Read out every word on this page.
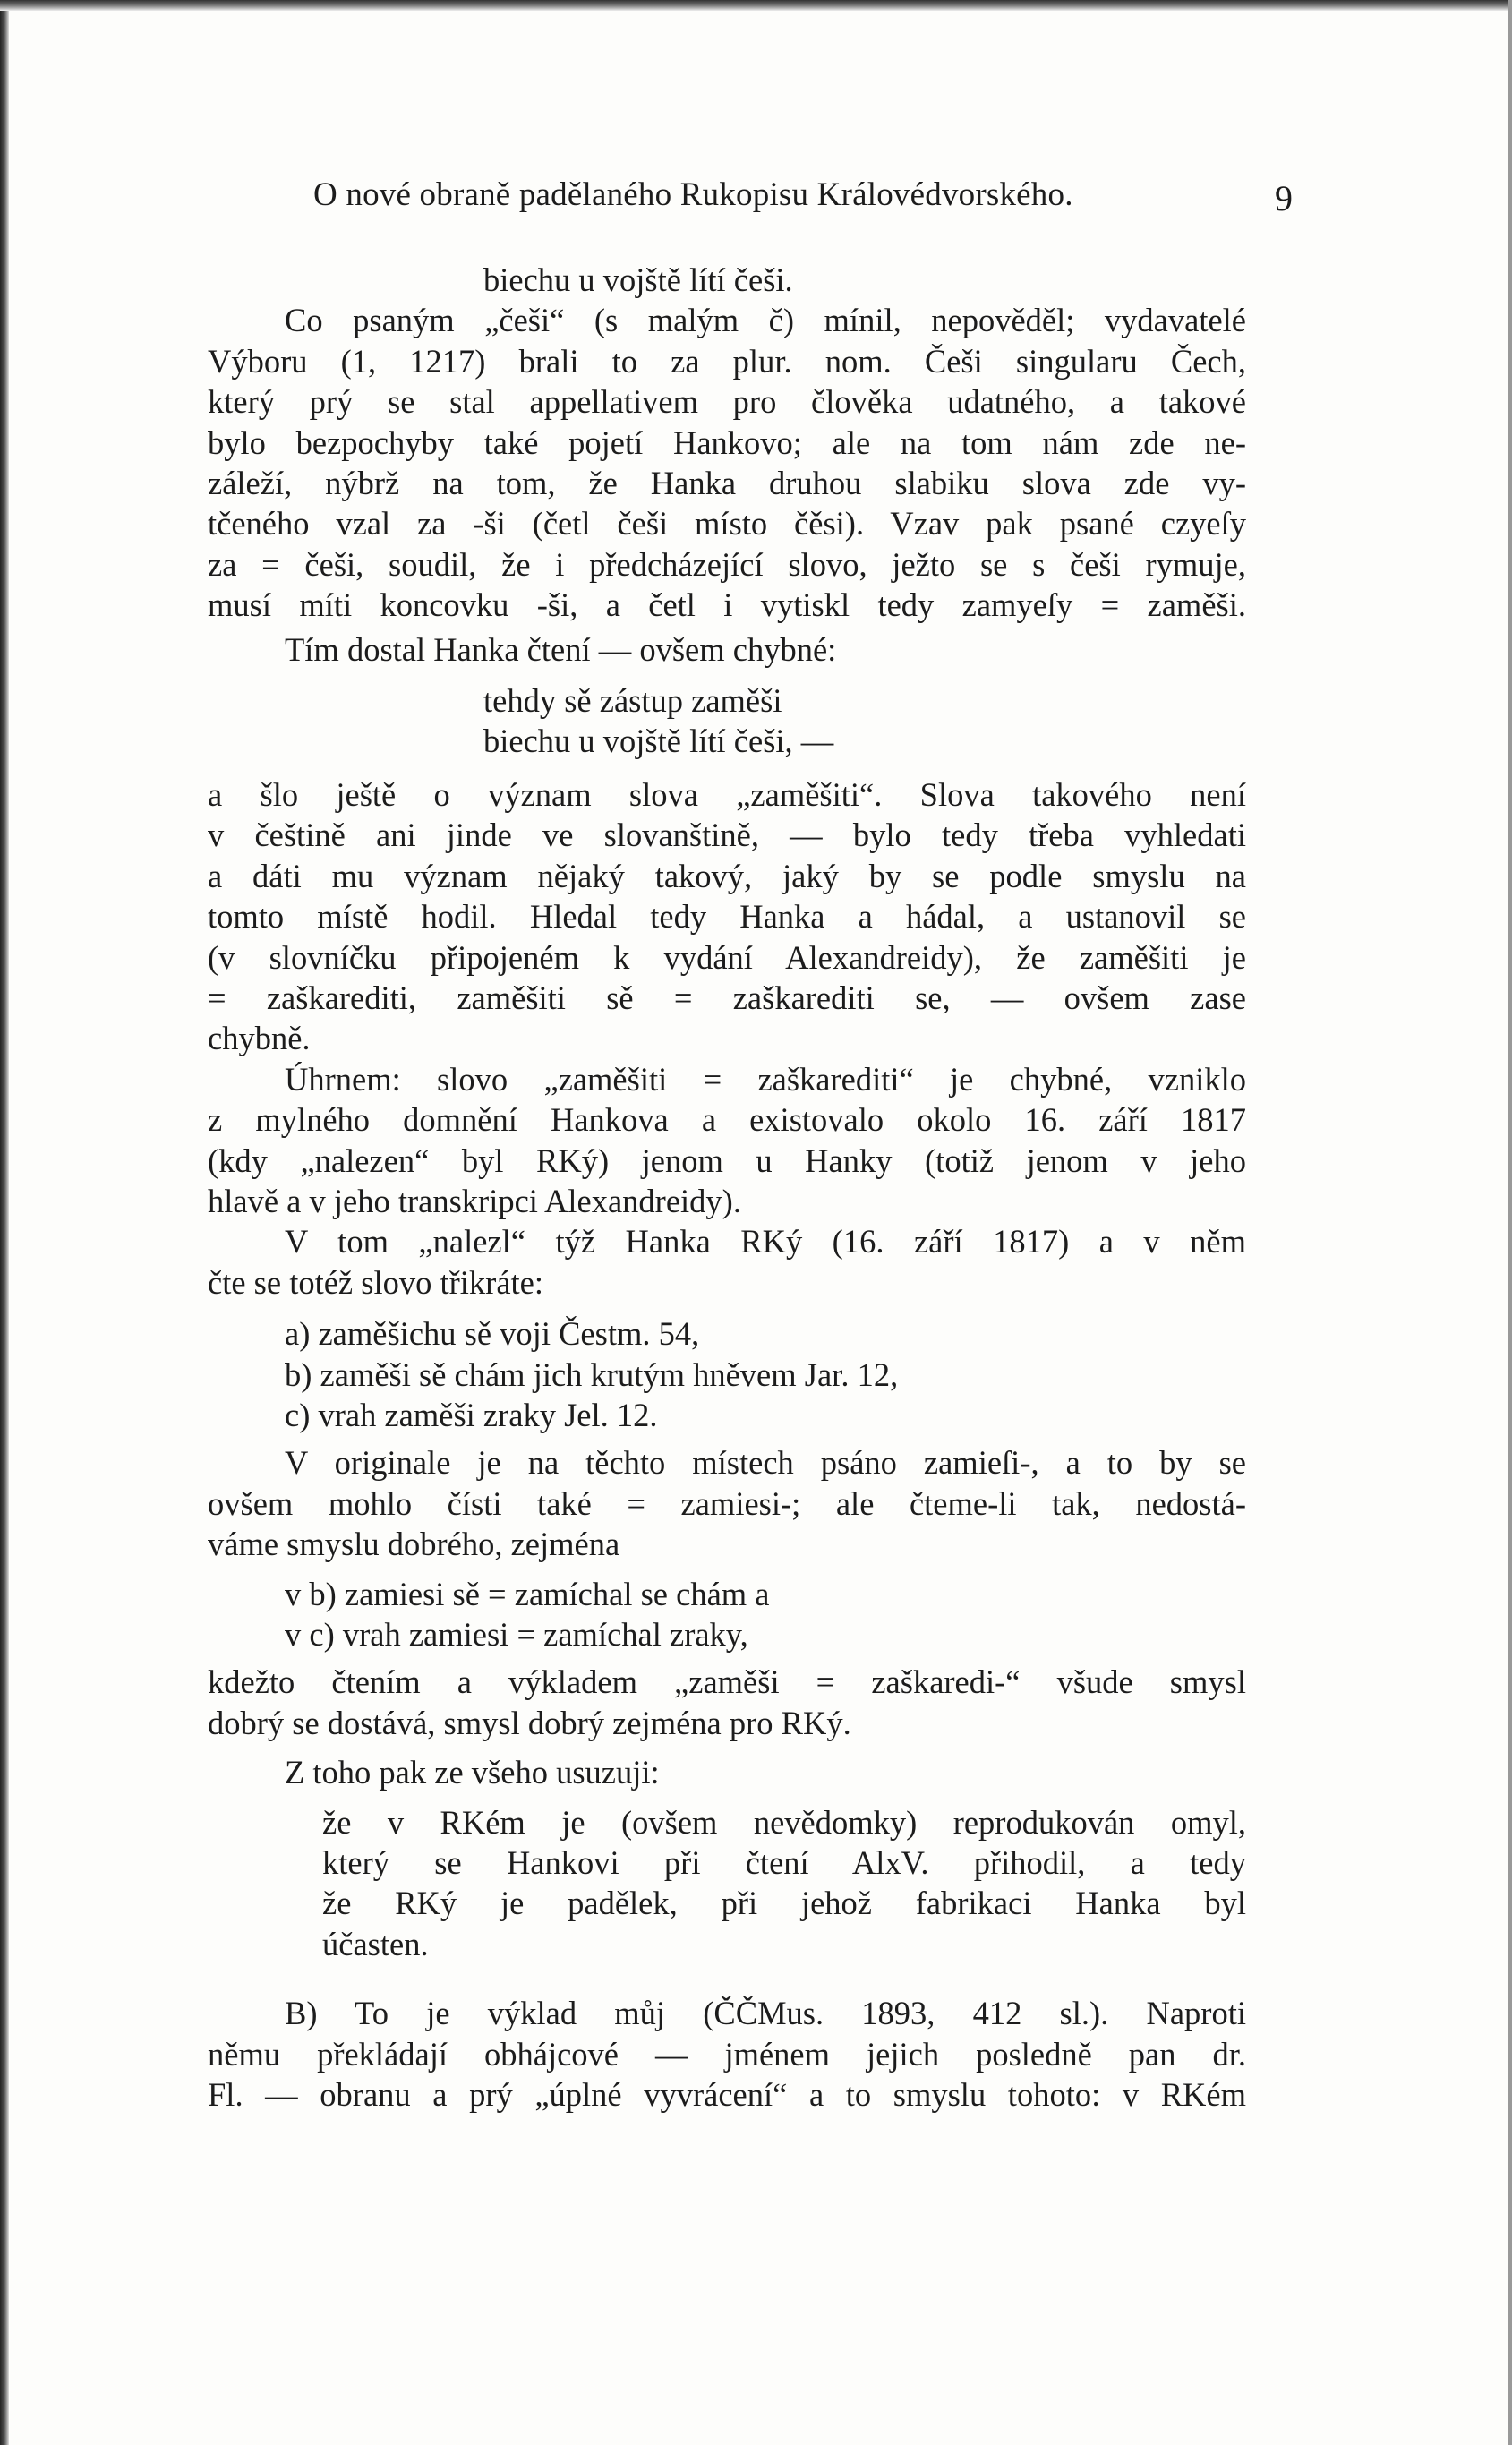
O nové obraně padělaného Rukopisu Královédvorského.	9
biechu u vojště lítí češi.
Co psaným „češi“ (s malým č) mínil, nepověděl; vydavatelé
Výboru (1, 1217) brali to za plur. nom. Češi singularu Čech,
který prý se stal appellativem pro člověka udatného, a takové
bylo bezpochyby také pojetí Hankovo; ale na tom nám zde ne-
záleží, nýbrž na tom, že Hanka druhou slabiku slova zde vy-
tčeného vzal za -ši (četl češi místo čěsi). Vzav pak psané czyeſy
za = češi, soudil, že i předcházející slovo, ježto se s češi rymuje,
musí míti koncovku -ši, a četl i vytiskl tedy zamyeſy = zaměši.
Tím dostal Hanka čtení — ovšem chybné:
tehdy sě zástup zaměši
biechu u vojště lítí češi, —
a šlo ještě o význam slova „zaměšiti“. Slova takového není
v češtině ani jinde ve slovanštině, — bylo tedy třeba vyhledati
a dáti mu význam nějaký takový, jaký by se podle smyslu na
tomto místě hodil. Hledal tedy Hanka a hádal, a ustanovil se
(v slovníčku připojeném k vydání Alexandreidy), že zaměšiti je
= zaškarediti, zaměšiti sě = zaškarediti se, — ovšem zase
chybně.
Úhrnem: slovo „zaměšiti = zaškarediti“ je chybné, vzniklo
z mylného domnění Hankova a existovalo okolo 16. září 1817
(kdy „nalezen“ byl RKý) jenom u Hanky (totiž jenom v jeho
hlavě a v jeho transkripci Alexandreidy).
V tom „nalezl“ týž Hanka RKý (16. září 1817) a v něm
čte se totéž slovo třikráte:
a) zaměšichu sě voji Čestm. 54,
b) zaměši sě chám jich krutým hněvem Jar. 12,
c) vrah zaměši zraky Jel. 12.
V originale je na těchto místech psáno zamieſi-, a to by se
ovšem mohlo čísti také = zamiesi-; ale čteme-li tak, nedostá-
váme smyslu dobrého, zejména
v b) zamiesi sě = zamíchal se chám a
v c) vrah zamiesi = zamíchal zraky,
kdežto čtením a výkladem „zaměši = zaškaredi-“ všude smysl
dobrý se dostává, smysl dobrý zejména pro RKý.
Z toho pak ze všeho usuzuji:
že v RKém je (ovšem nevědomky) reprodukován omyl,
který se Hankovi při čtení AlxV. přihodil, a tedy
že RKý je padělek, při jehož fabrikaci Hanka byl
účasten.
B) To je výklad můj (ČČMus. 1893, 412 sl.). Naproti
němu překládají obhájcové — jménem jejich posledně pan dr.
Fl. — obranu a prý „úplné vyvrácení“ a to smyslu tohoto: v RKém
